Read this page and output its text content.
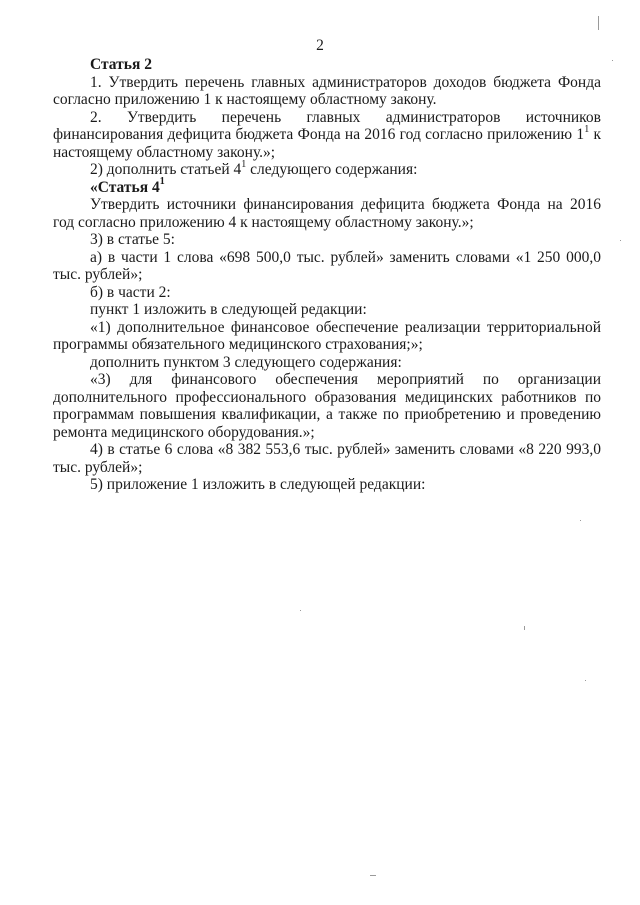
2

Статья 2

1. Утвердить перечень главных администраторов доходов бюджета Фонда согласно приложению 1 к настоящему областному закону.

2. Утвердить перечень главных администраторов источников финансирования дефицита бюджета Фонда на 2016 год согласно приложению $1^1$ к настоящему областному закону.»;

2) дополнить статьей $4^1$ следующего содержания:

«Статья $4^1$

Утвердить источники финансирования дефицита бюджета Фонда на 2016 год согласно приложению 4 к настоящему областному закону.»;

3) в статье 5:

а) в части 1 слова «698 500,0 тыс. рублей» заменить словами «1 250 000,0 тыс. рублей»;

б) в части 2:

пункт 1 изложить в следующей редакции:

«1) дополнительное финансовое обеспечение реализации территориальной программы обязательного медицинского страхования;»;

дополнить пунктом 3 следующего содержания:

«3) для финансового обеспечения мероприятий по организации дополнительного профессионального образования медицинских работников по программам повышения квалификации, а также по приобретению и проведению ремонта медицинского оборудования.»;

4) в статье 6 слова «8 382 553,6 тыс. рублей» заменить словами «8 220 993,0 тыс. рублей»;

5) приложение 1 изложить в следующей редакции:
